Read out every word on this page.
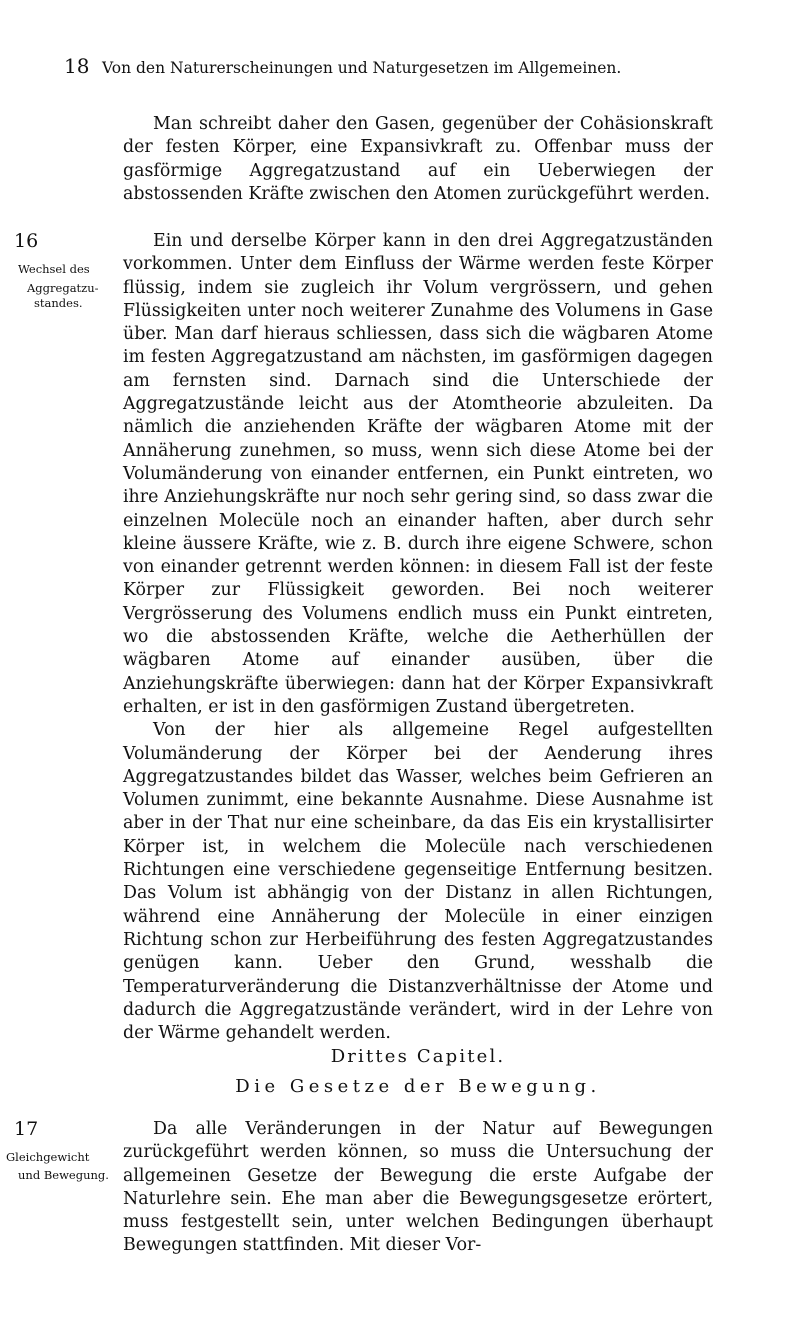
18 Von den Naturerscheinungen und Naturgesetzen im Allgemeinen.

Man schreibt daher den Gasen, gegenüber der Cohäsionskraft der festen Körper, eine Expansivkraft zu. Offenbar muss der gasförmige Aggregatzustand auf ein Ueberwiegen der abstossenden Kräfte zwischen den Atomen zurückgeführt werden.

16
Wechsel des
Aggregatzu-
standes.

Ein und derselbe Körper kann in den drei Aggregatzuständen vorkommen. Unter dem Einfluss der Wärme werden feste Körper flüssig, indem sie zugleich ihr Volum vergrössern, und gehen Flüssigkeiten unter noch weiterer Zunahme des Volumens in Gase über. Man darf hieraus schliessen, dass sich die wägbaren Atome im festen Aggregatzustand am nächsten, im gasförmigen dagegen am fernsten sind. Darnach sind die Unterschiede der Aggregatzustände leicht aus der Atomtheorie abzuleiten. Da nämlich die anziehenden Kräfte der wägbaren Atome mit der Annäherung zunehmen, so muss, wenn sich diese Atome bei der Volumänderung von einander entfernen, ein Punkt eintreten, wo ihre Anziehungskräfte nur noch sehr gering sind, so dass zwar die einzelnen Molecüle noch an einander haften, aber durch sehr kleine äussere Kräfte, wie z. B. durch ihre eigene Schwere, schon von einander getrennt werden können: in diesem Fall ist der feste Körper zur Flüssigkeit geworden. Bei noch weiterer Vergrösserung des Volumens endlich muss ein Punkt eintreten, wo die abstossenden Kräfte, welche die Aetherhüllen der wägbaren Atome auf einander ausüben, über die Anziehungskräfte überwiegen: dann hat der Körper Expansivkraft erhalten, er ist in den gasförmigen Zustand übergetreten.

Von der hier als allgemeine Regel aufgestellten Volumänderung der Körper bei der Aenderung ihres Aggregatzustandes bildet das Wasser, welches beim Gefrieren an Volumen zunimmt, eine bekannte Ausnahme. Diese Ausnahme ist aber in der That nur eine scheinbare, da das Eis ein krystallisirter Körper ist, in welchem die Molecüle nach verschiedenen Richtungen eine verschiedene gegenseitige Entfernung besitzen. Das Volum ist abhängig von der Distanz in allen Richtungen, während eine Annäherung der Molecüle in einer einzigen Richtung schon zur Herbeiführung des festen Aggregatzustandes genügen kann. Ueber den Grund, wesshalb die Temperaturveränderung die Distanzverhältnisse der Atome und dadurch die Aggregatzustände verändert, wird in der Lehre von der Wärme gehandelt werden.

Drittes Capitel.
Die Gesetze der Bewegung.
17
Gleichgewicht
und Bewegung.

Da alle Veränderungen in der Natur auf Bewegungen zurückgeführt werden können, so muss die Untersuchung der allgemeinen Gesetze der Bewegung die erste Aufgabe der Naturlehre sein. Ehe man aber die Bewegungsgesetze erörtert, muss festgestellt sein, unter welchen Bedingungen überhaupt Bewegungen stattfinden. Mit dieser Vor-
